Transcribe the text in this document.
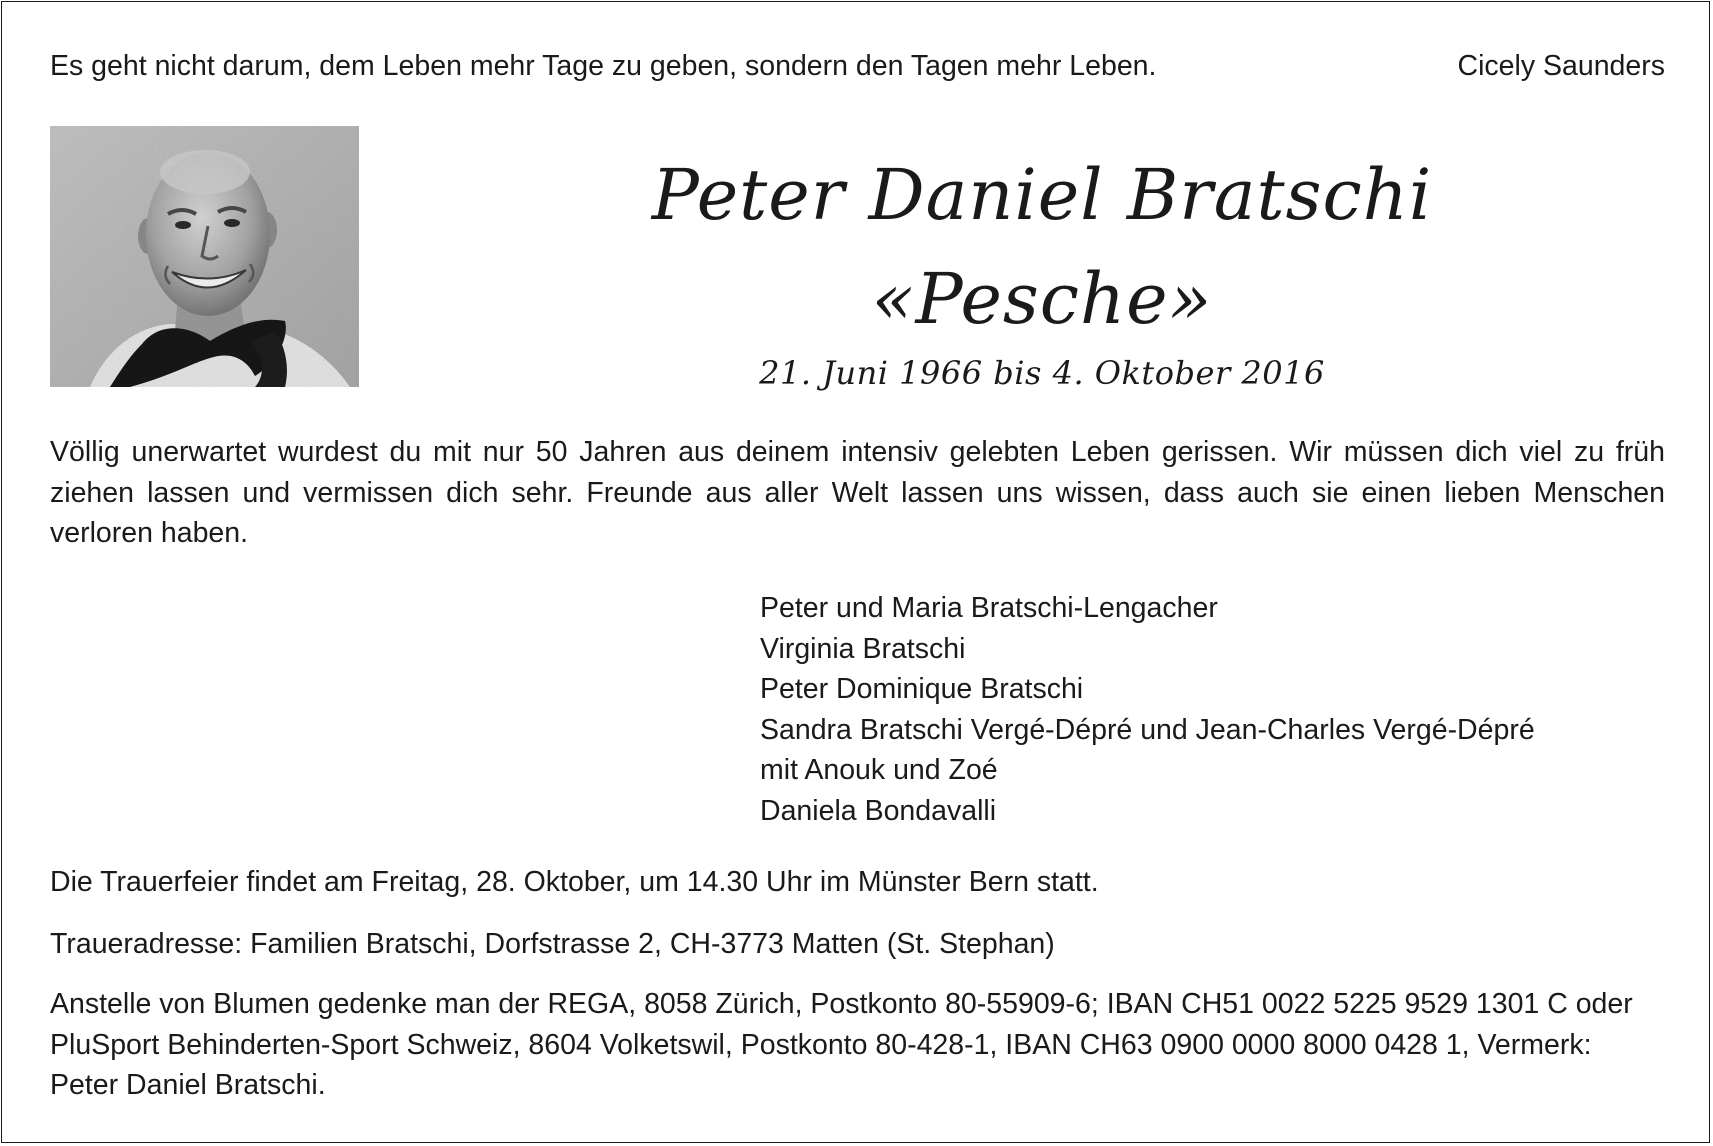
Es geht nicht darum, dem Leben mehr Tage zu geben, sondern den Tagen mehr Leben.	Cicely Saunders
Peter Daniel Bratschi
«Pesche»
21. Juni 1966 bis 4. Oktober 2016
Völlig unerwartet wurdest du mit nur 50 Jahren aus deinem intensiv gelebten Leben gerissen. Wir müssen dich viel zu früh ziehen lassen und vermissen dich sehr. Freunde aus aller Welt lassen uns wissen, dass auch sie einen lieben Menschen verloren haben.
Peter und Maria Bratschi-Lengacher
Virginia Bratschi
Peter Dominique Bratschi
Sandra Bratschi Vergé-Dépré und Jean-Charles Vergé-Dépré
mit Anouk und Zoé
Daniela Bondavalli
Die Trauerfeier findet am Freitag, 28. Oktober, um 14.30 Uhr im Münster Bern statt.
Traueradresse: Familien Bratschi, Dorfstrasse 2, CH-3773 Matten (St. Stephan)
Anstelle von Blumen gedenke man der REGA, 8058 Zürich, Postkonto 80-55909-6; IBAN CH51 0022 5225 9529 1301 C oder PluSport Behinderten-Sport Schweiz, 8604 Volketswil, Postkonto 80-428-1, IBAN CH63 0900 0000 8000 0428 1, Vermerk: Peter Daniel Bratschi.
